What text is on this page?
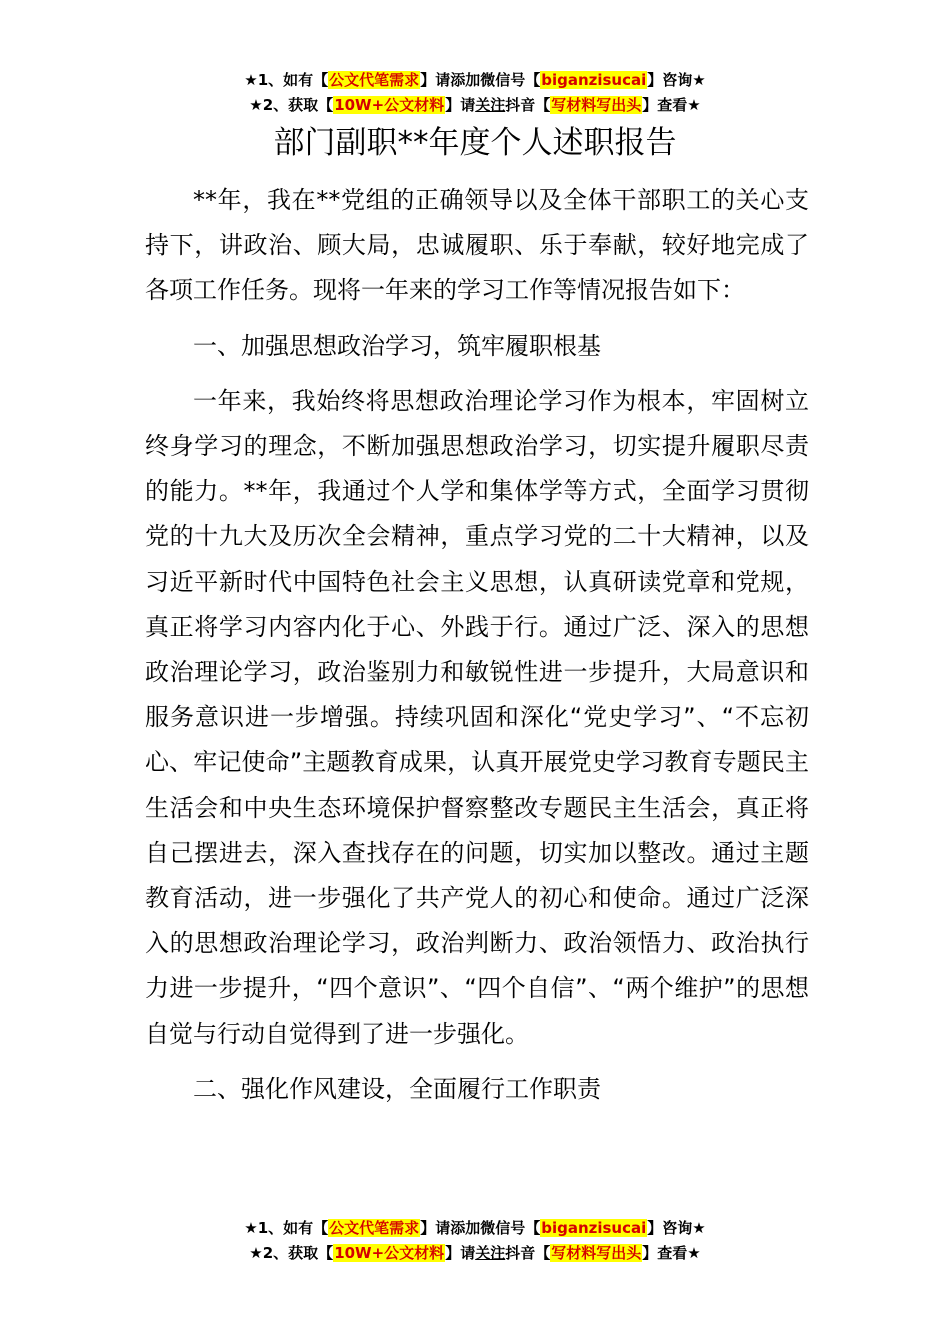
★1、如有【公文代笔需求】请添加微信号【biganzisucai】咨询★
★2、获取【10W+公文材料】请关注抖音【写材料写出头】查看★
部门副职**年度个人述职报告

**年，我在**党组的正确领导以及全体干部职工的关心支持下，讲政治、顾大局，忠诚履职、乐于奉献，较好地完成了各项工作任务。现将一年来的学习工作等情况报告如下：

一、加强思想政治学习，筑牢履职根基

一年来，我始终将思想政治理论学习作为根本，牢固树立终身学习的理念，不断加强思想政治学习，切实提升履职尽责的能力。**年，我通过个人学和集体学等方式，全面学习贯彻党的十九大及历次全会精神，重点学习党的二十大精神，以及习近平新时代中国特色社会主义思想，认真研读党章和党规，真正将学习内容内化于心、外践于行。通过广泛、深入的思想政治理论学习，政治鉴别力和敏锐性进一步提升，大局意识和服务意识进一步增强。持续巩固和深化“党史学习”、“不忘初心、牢记使命”主题教育成果，认真开展党史学习教育专题民主生活会和中央生态环境保护督察整改专题民主生活会，真正将自己摆进去，深入查找存在的问题，切实加以整改。通过主题教育活动，进一步强化了共产党人的初心和使命。通过广泛深入的思想政治理论学习，政治判断力、政治领悟力、政治执行力进一步提升，“四个意识”、“四个自信”、“两个维护”的思想自觉与行动自觉得到了进一步强化。

二、强化作风建设，全面履行工作职责

★1、如有【公文代笔需求】请添加微信号【biganzisucai】咨询★
★2、获取【10W+公文材料】请关注抖音【写材料写出头】查看★
